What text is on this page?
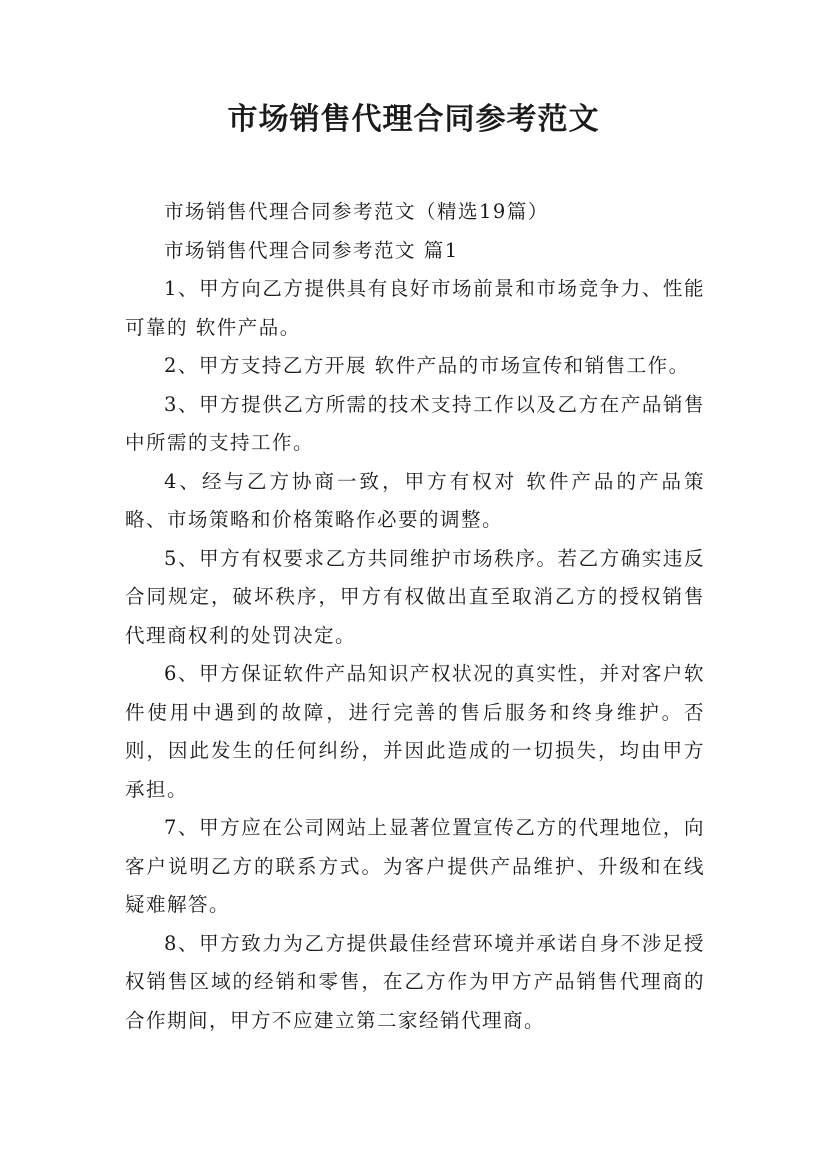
市场销售代理合同参考范文

市场销售代理合同参考范文（精选19篇）

市场销售代理合同参考范文 篇1

1、甲方向乙方提供具有良好市场前景和市场竞争力、性能可靠的 软件产品。

2、甲方支持乙方开展 软件产品的市场宣传和销售工作。

3、甲方提供乙方所需的技术支持工作以及乙方在产品销售中所需的支持工作。

4、经与乙方协商一致，甲方有权对 软件产品的产品策略、市场策略和价格策略作必要的调整。

5、甲方有权要求乙方共同维护市场秩序。若乙方确实违反合同规定，破坏秩序，甲方有权做出直至取消乙方的授权销售代理商权利的处罚决定。

6、甲方保证软件产品知识产权状况的真实性，并对客户软件使用中遇到的故障，进行完善的售后服务和终身维护。否则，因此发生的任何纠纷，并因此造成的一切损失，均由甲方承担。

7、甲方应在公司网站上显著位置宣传乙方的代理地位，向客户说明乙方的联系方式。为客户提供产品维护、升级和在线疑难解答。

8、甲方致力为乙方提供最佳经营环境并承诺自身不涉足授权销售区域的经销和零售，在乙方作为甲方产品销售代理商的合作期间，甲方不应建立第二家经销代理商。
